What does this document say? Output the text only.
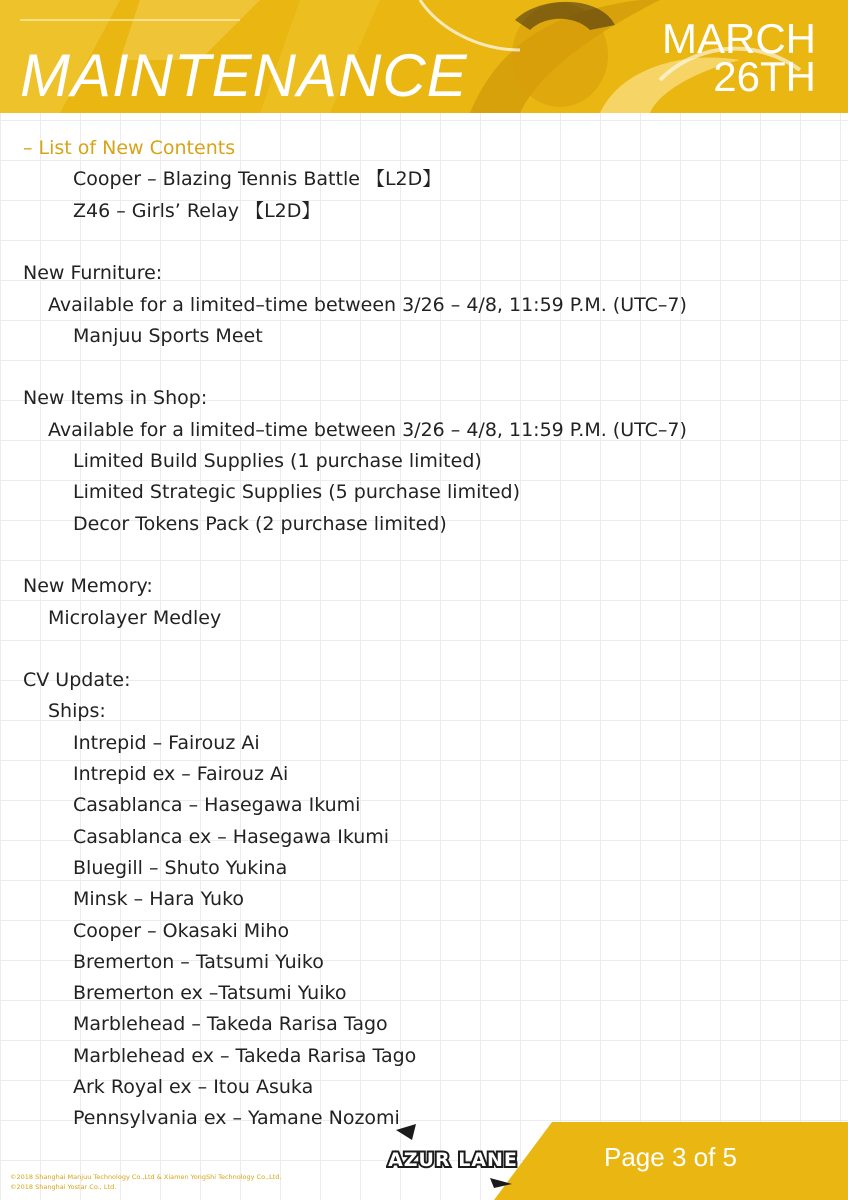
MAINTENANCE
MARCH
26TH
– List of New Contents
Cooper – Blazing Tennis Battle 【L2D】
Z46 – Girls’ Relay 【L2D】
New Furniture:
Available for a limited–time between 3/26 – 4/8, 11:59 P.M. (UTC–7)
Manjuu Sports Meet
New Items in Shop:
Available for a limited–time between 3/26 – 4/8, 11:59 P.M. (UTC–7)
Limited Build Supplies (1 purchase limited)
Limited Strategic Supplies (5 purchase limited)
Decor Tokens Pack (2 purchase limited)
New Memory:
Microlayer Medley
CV Update:
Ships:
Intrepid – Fairouz Ai
Intrepid ex – Fairouz Ai
Casablanca – Hasegawa Ikumi
Casablanca ex – Hasegawa Ikumi
Bluegill – Shuto Yukina
Minsk – Hara Yuko
Cooper – Okasaki Miho
Bremerton – Tatsumi Yuiko
Bremerton ex –Tatsumi Yuiko
Marblehead – Takeda Rarisa Tago
Marblehead ex – Takeda Rarisa Tago
Ark Royal ex – Itou Asuka
Pennsylvania ex – Yamane Nozomi
Page 3 of 5
AZUR LANE
©2018 Shanghai Manjuu Technology Co.,Ltd & Xiamen YongShi Technology Co.,Ltd.
©2018 Shanghai Yostar Co., Ltd.
